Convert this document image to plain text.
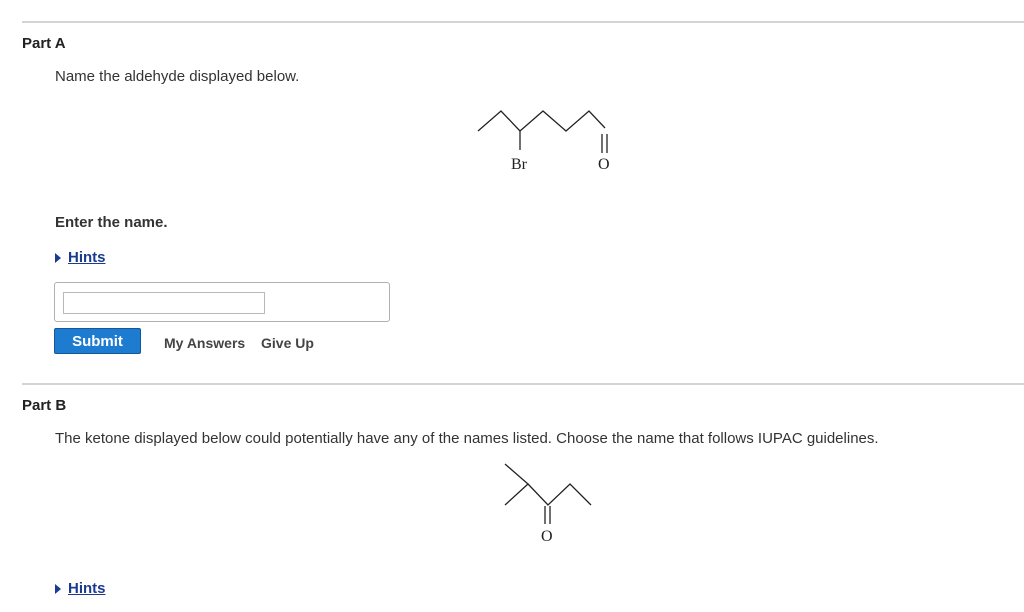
Part A
Name the aldehyde displayed below.
Br	O
Enter the name.
Hints
Submit	My Answers Give Up
Part B
The ketone displayed below could potentially have any of the names listed. Choose the name that follows IUPAC guidelines.
O
Hints
